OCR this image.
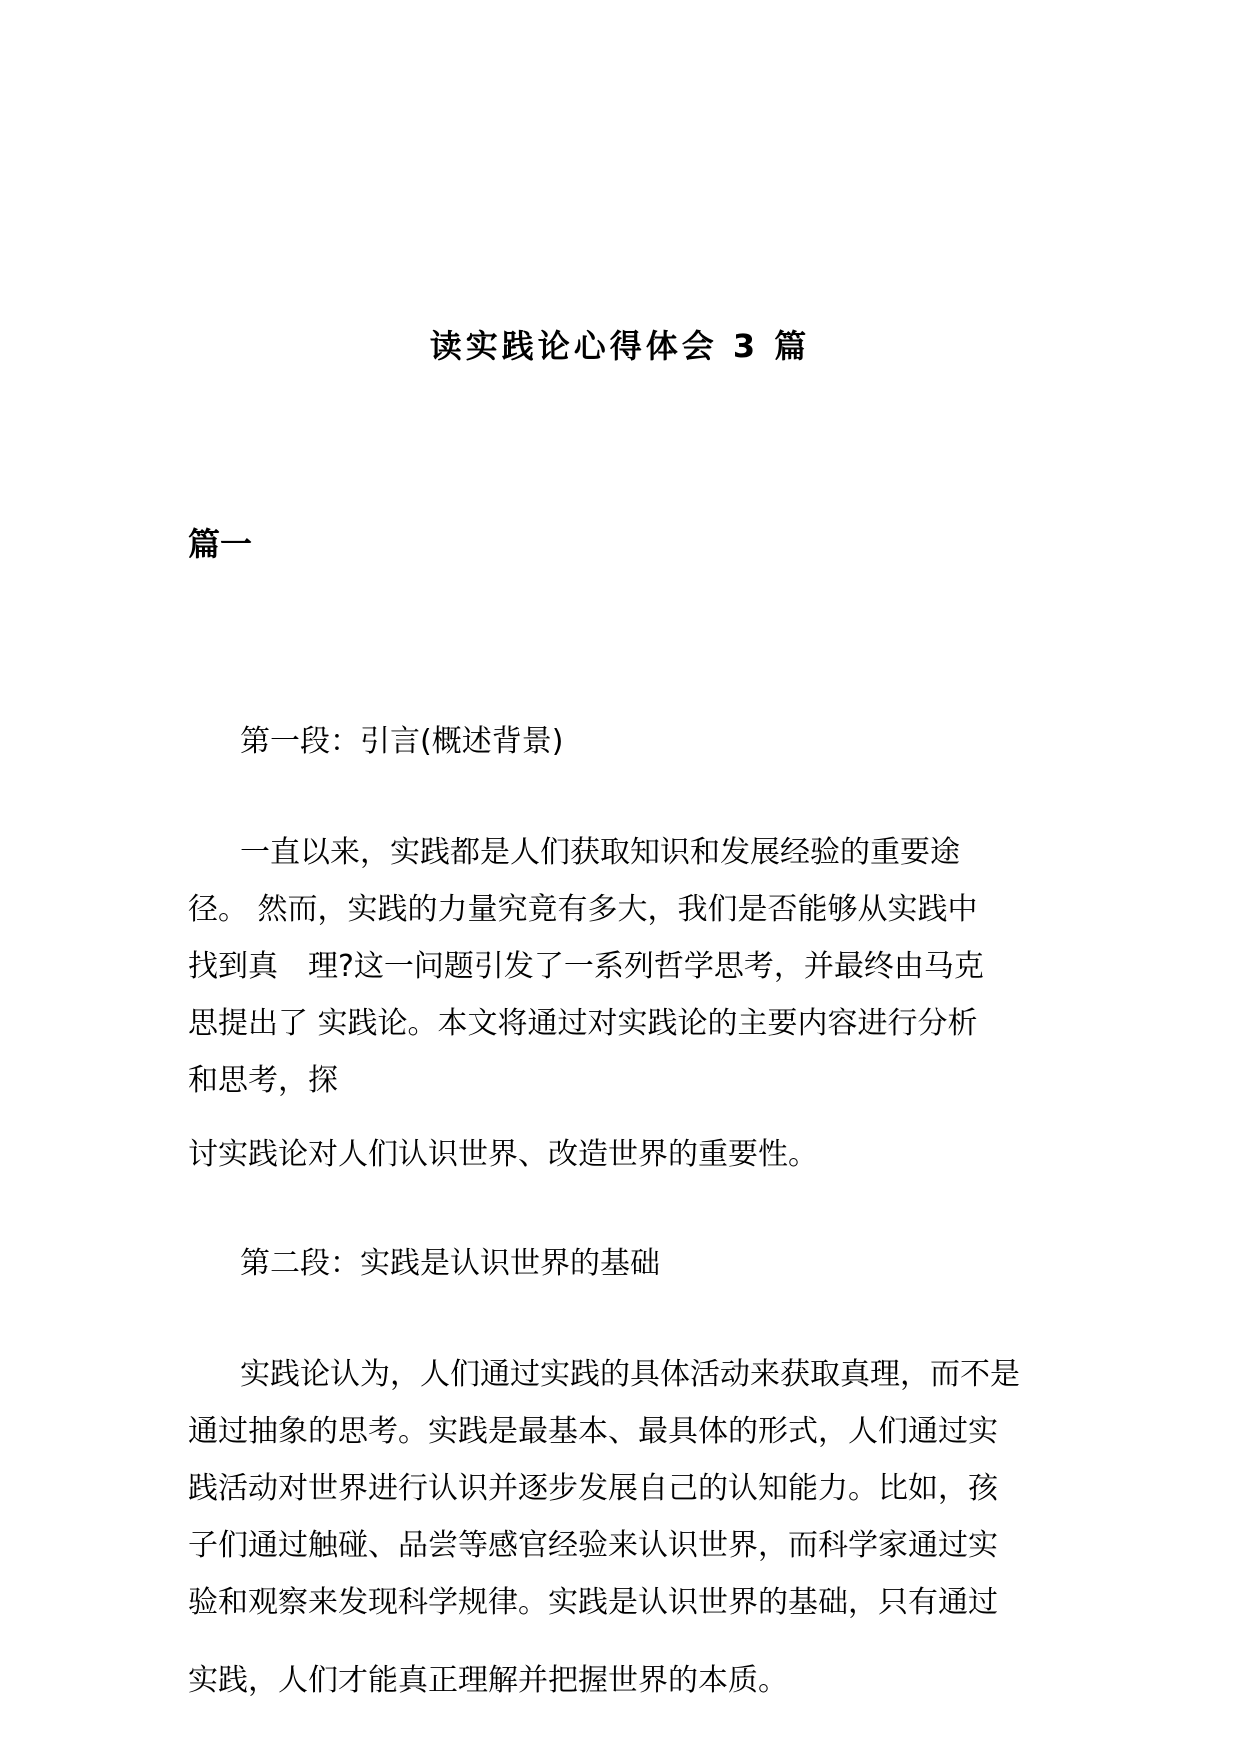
读实践论心得体会 3 篇
篇一
第一段：引言(概述背景)
一直以来，实践都是人们获取知识和发展经验的重要途
径。 然而，实践的力量究竟有多大，我们是否能够从实践中
找到真　理?这一问题引发了一系列哲学思考，并最终由马克
思提出了 实践论。本文将通过对实践论的主要内容进行分析
和思考，探
讨实践论对人们认识世界、改造世界的重要性。
第二段：实践是认识世界的基础
实践论认为，人们通过实践的具体活动来获取真理，而不是
通过抽象的思考。实践是最基本、最具体的形式，人们通过实
践活动对世界进行认识并逐步发展自己的认知能力。比如，孩
子们通过触碰、品尝等感官经验来认识世界，而科学家通过实
验和观察来发现科学规律。实践是认识世界的基础，只有通过
实践，人们才能真正理解并把握世界的本质。
